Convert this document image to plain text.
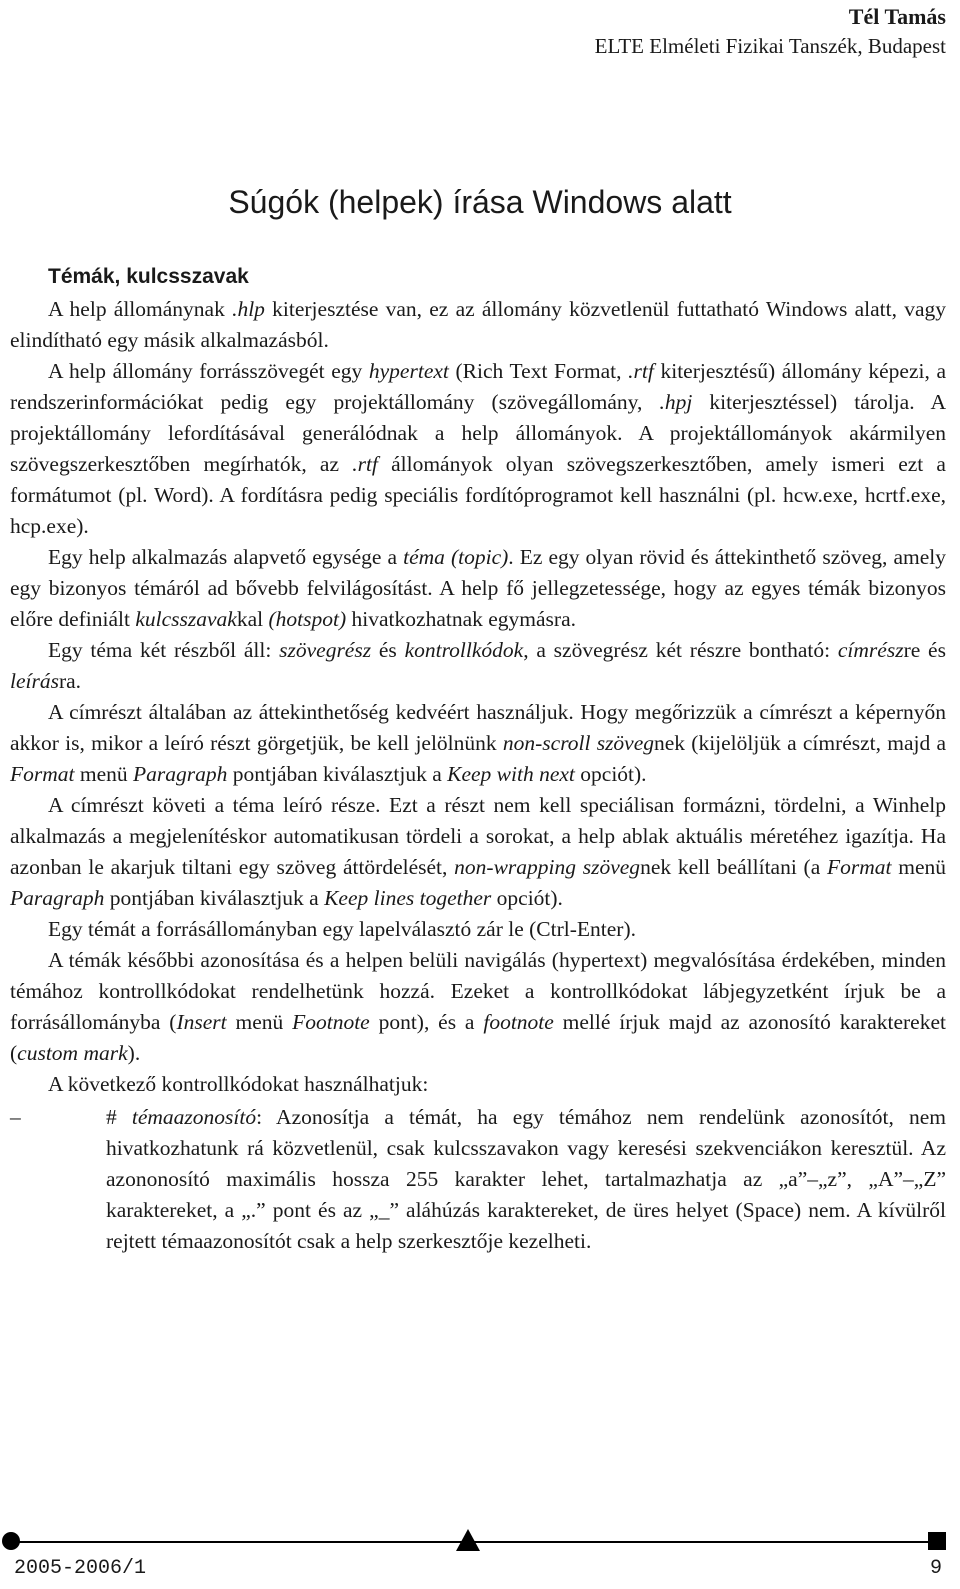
Tél Tamás
ELTE Elméleti Fizikai Tanszék, Budapest
Súgók (helpek) írása Windows alatt
Témák, kulcsszavak

A help állománynak .hlp kiterjesztése van, ez az állomány közvetlenül futtatható Windows alatt, vagy elindítható egy másik alkalmazásból.

A help állomány forrásszövegét egy hypertext (Rich Text Format, .rtf kiterjesztésű) állomány képezi, a rendszerinformációkat pedig egy projektállomány (szövegállomány, .hpj kiterjesztéssel) tárolja. A projektállomány lefordításával generálódnak a help állományok. A projektállományok akármilyen szövegszerkesztőben megírhatók, az .rtf állományok olyan szövegszerkesztőben, amely ismeri ezt a formátumot (pl. Word). A fordításra pedig speciális fordítóprogramot kell használni (pl. hcw.exe, hcrtf.exe, hcp.exe).

Egy help alkalmazás alapvető egysége a téma (topic). Ez egy olyan rövid és áttekinthető szöveg, amely egy bizonyos témáról ad bővebb felvilágosítást. A help fő jellegzetessége, hogy az egyes témák bizonyos előre definiált kulcsszavakkal (hotspot) hivatkozhatnak egymásra.

Egy téma két részből áll: szövegrész és kontrollkódok, a szövegrész két részre bontható: címrészre és leírásra.

A címrészt általában az áttekinthetőség kedvéért használjuk. Hogy megőrizzük a címrészt a képernyőn akkor is, mikor a leíró részt görgetjük, be kell jelölnünk non-scroll szövegnek (kijelöljük a címrészt, majd a Format menü Paragraph pontjában kiválasztjuk a Keep with next opciót).

A címrészt követi a téma leíró része. Ezt a részt nem kell speciálisan formázni, tördelni, a Winhelp alkalmazás a megjelenítéskor automatikusan tördeli a sorokat, a help ablak aktuális méretéhez igazítja. Ha azonban le akarjuk tiltani egy szöveg áttördelését, non-wrapping szövegnek kell beállítani (a Format menü Paragraph pontjában kiválasztjuk a Keep lines together opciót).

Egy témát a forrásállományban egy lapelválasztó zár le (Ctrl-Enter).

A témák későbbi azonosítása és a helpen belüli navigálás (hypertext) megvalósítása érdekében, minden témához kontrollkódokat rendelhetünk hozzá. Ezeket a kontrollkódokat lábjegyzetként írjuk be a forrásállományba (Insert menü Footnote pont), és a footnote mellé írjuk majd az azonosító karaktereket (custom mark).

A következő kontrollkódokat használhatjuk:

–	# témaazonosító: Azonosítja a témát, ha egy témához nem rendelünk azonosítót, nem hivatkozhatunk rá közvetlenül, csak kulcsszavakon vagy keresési szekvenciákon keresztül. Az azononosító maximális hossza 255 karakter lehet, tartalmazhatja az „a”–„z”, „A”–„Z” karaktereket, a „.” pont és az „_” aláhúzás karaktereket, de üres helyet (Space) nem. A kívülről rejtett témaazonosítót csak a help szerkesztője kezelheti.
2005-2006/1	9
